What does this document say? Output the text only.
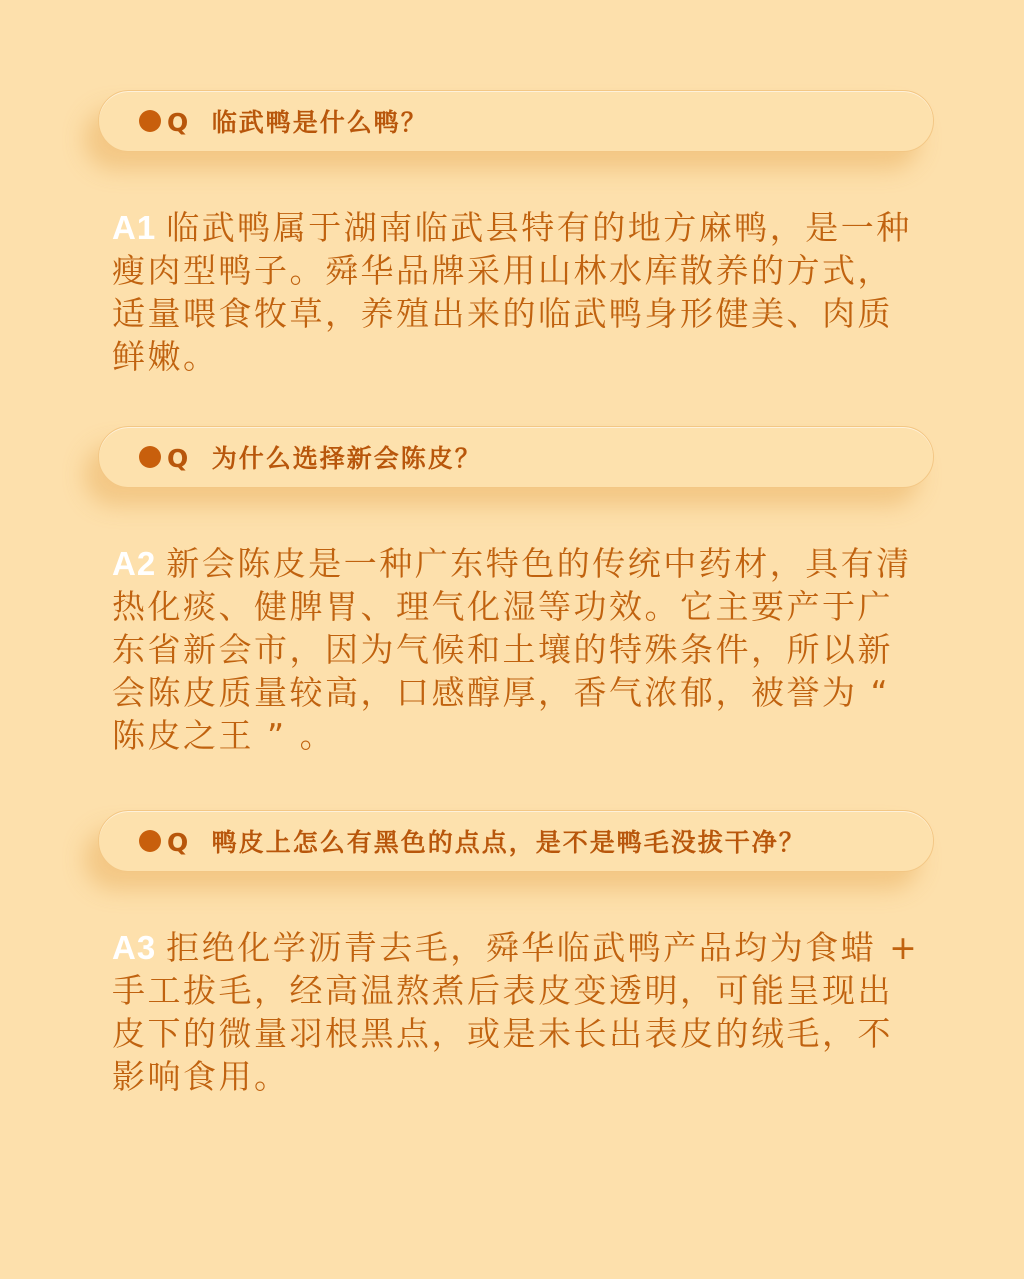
Q 临武鸭是什么鸭？

A1 临武鸭属于湖南临武县特有的地方麻鸭，是一种瘦肉型鸭子。舜华品牌采用山林水库散养的方式，适量喂食牧草，养殖出来的临武鸭身形健美、肉质鲜嫩。

Q 为什么选择新会陈皮？

A2 新会陈皮是一种广东特色的传统中药材，具有清热化痰、健脾胃、理气化湿等功效。它主要产于广东省新会市，因为气候和土壤的特殊条件，所以新会陈皮质量较高，口感醇厚，香气浓郁，被誉为 “ 陈皮之王 ” 。

Q 鸭皮上怎么有黑色的点点，是不是鸭毛没拔干净？

A3 拒绝化学沥青去毛，舜华临武鸭产品均为食蜡 + 手工拔毛，经高温熬煮后表皮变透明，可能呈现出皮下的微量羽根黑点，或是未长出表皮的绒毛，不影响食用。
